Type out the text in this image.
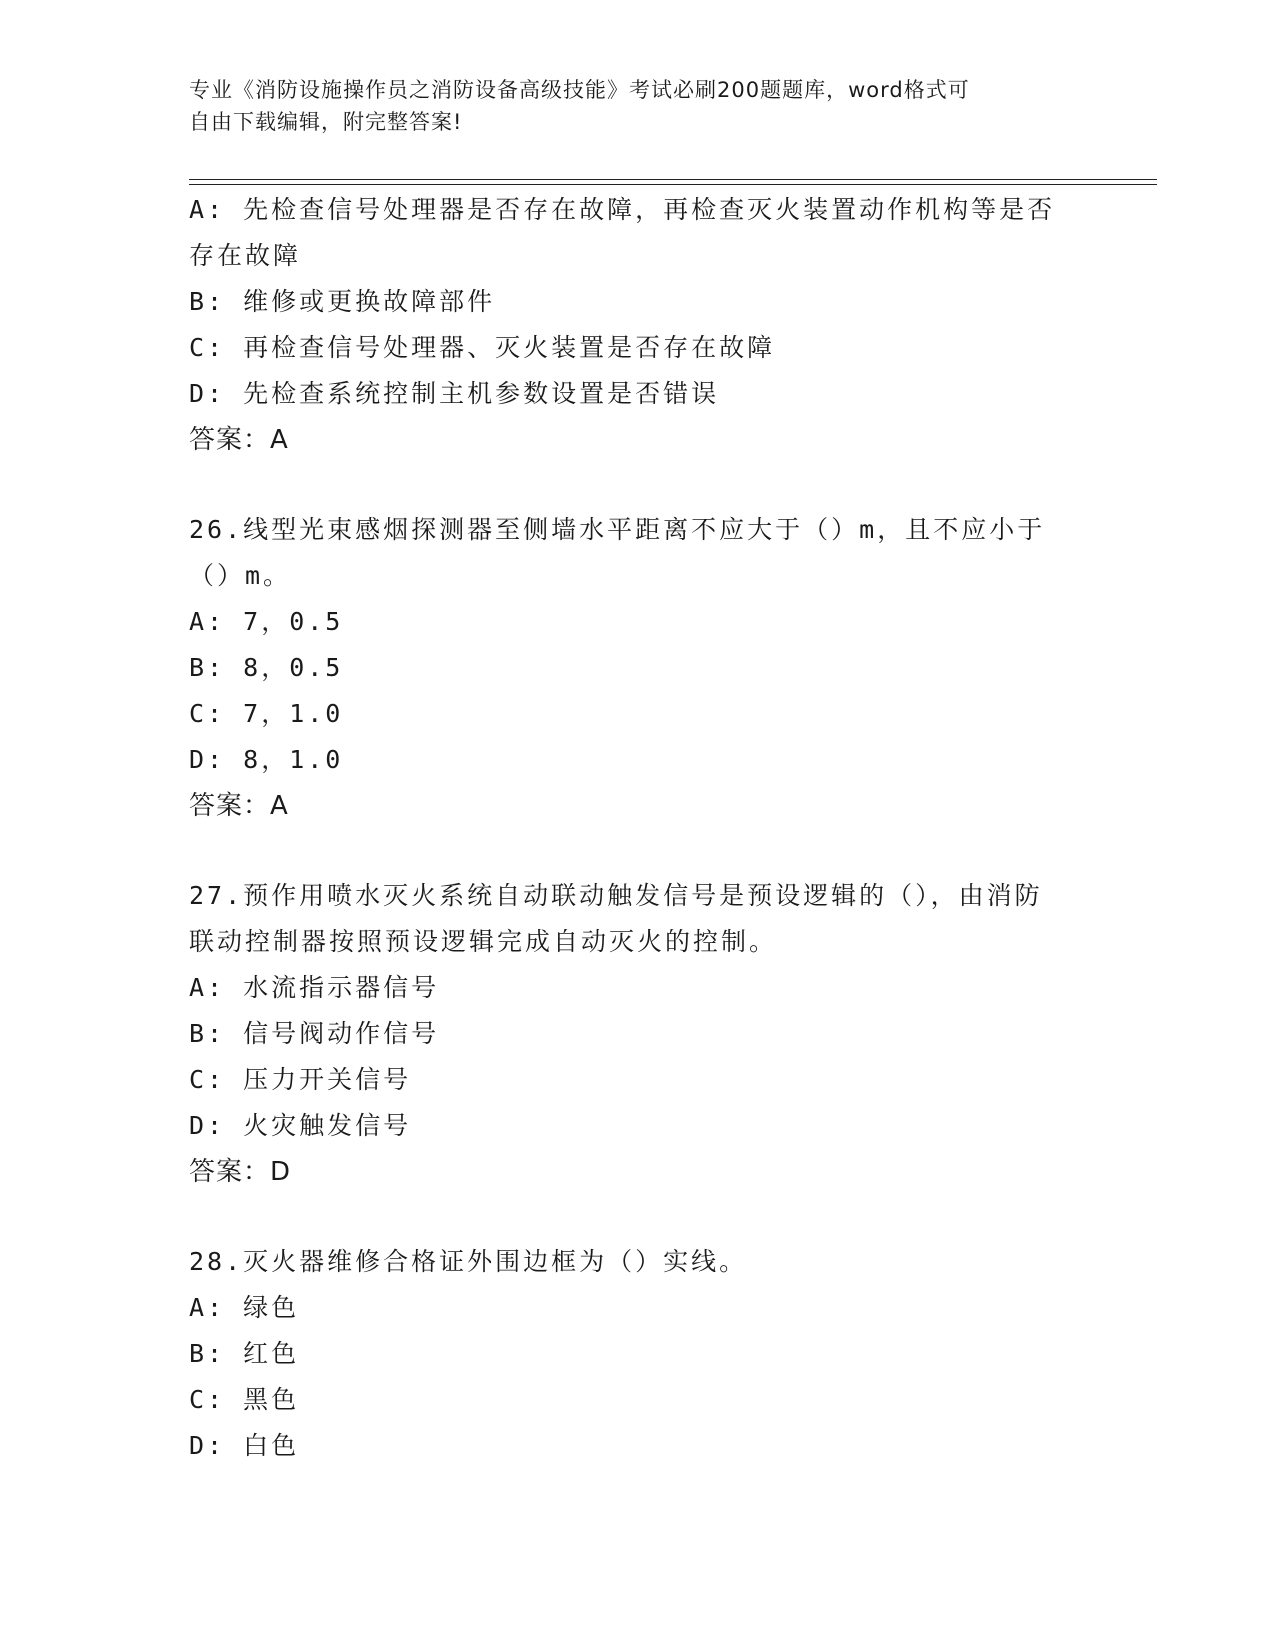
专业《消防设施操作员之消防设备高级技能》考试必刷200题题库，word格式可
自由下载编辑，附完整答案!
A: 先检查信号处理器是否存在故障，再检查灭火装置动作机构等是否
存在故障
B: 维修或更换故障部件
C: 再检查信号处理器、灭火装置是否存在故障
D: 先检查系统控制主机参数设置是否错误
答案：A
26.线型光束感烟探测器至侧墙水平距离不应大于（）m，且不应小于
（）m。
A: 7，0.5
B: 8，0.5
C: 7，1.0
D: 8，1.0
答案：A
27.预作用喷水灭火系统自动联动触发信号是预设逻辑的（），由消防
联动控制器按照预设逻辑完成自动灭火的控制。
A: 水流指示器信号
B: 信号阀动作信号
C: 压力开关信号
D: 火灾触发信号
答案：D
28.灭火器维修合格证外围边框为（）实线。
A: 绿色
B: 红色
C: 黑色
D: 白色
